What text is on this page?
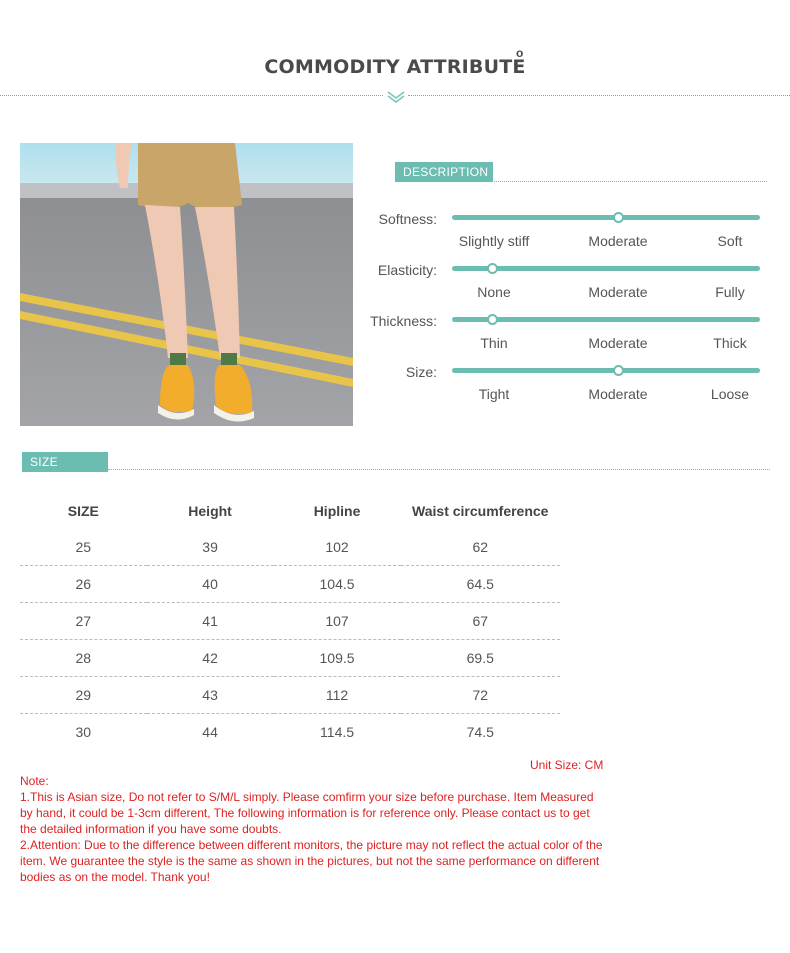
COMMODITY ATTRIBUTE
o
DESCRIPTION
Softness:
Slightly stiff	Moderate	Soft
Elasticity:
None	Moderate	Fully
Thickness:
Thin	Moderate	Thick
Size:
Tight	Moderate	Loose
SIZE FILTER
SIZE	Height	Hipline	Waist circumference
25	39	102	62
26	40	104.5	64.5
27	41	107	67
28	42	109.5	69.5
29	43	112	72
30	44	114.5	74.5
Unit Size: CM
Note:
1.This is Asian size, Do not refer to S/M/L simply. Please comfirm your size before purchase. Item Measured by hand, it could be 1-3cm different, The following information is for reference only. Please contact us to get the detailed information if you have some doubts.
2.Attention: Due to the difference between different monitors, the picture may not reflect the actual color of the item. We guarantee the style is the same as shown in the pictures, but not the same performance on different bodies as on the model. Thank you!
